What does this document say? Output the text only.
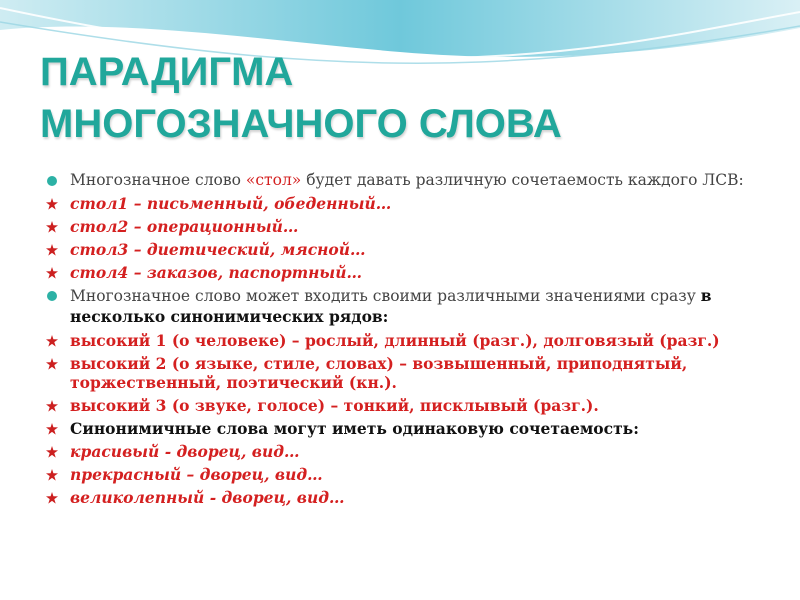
ПАРАДИГМА
МНОГОЗНАЧНОГО СЛОВА
Многозначное слово «стол» будет давать различную сочетаемость каждого ЛСВ:
стол1 – письменный, обеденный…
стол2 – операционный…
стол3 – диетический, мясной…
стол4 – заказов, паспортный…
Многозначное слово может входить своими различными значениями сразу в несколько синонимических рядов:
высокий 1 (о человеке) – рослый, длинный (разг.), долговязый (разг.)
высокий 2 (о языке, стиле, словах) – возвышенный, приподнятый, торжественный, поэтический (кн.).
высокий 3 (о звуке, голосе) – тонкий, писклывый (разг.).
Синонимичные слова могут иметь одинаковую сочетаемость:
красивый - дворец, вид…
прекрасный – дворец, вид…
великолепный - дворец, вид…
